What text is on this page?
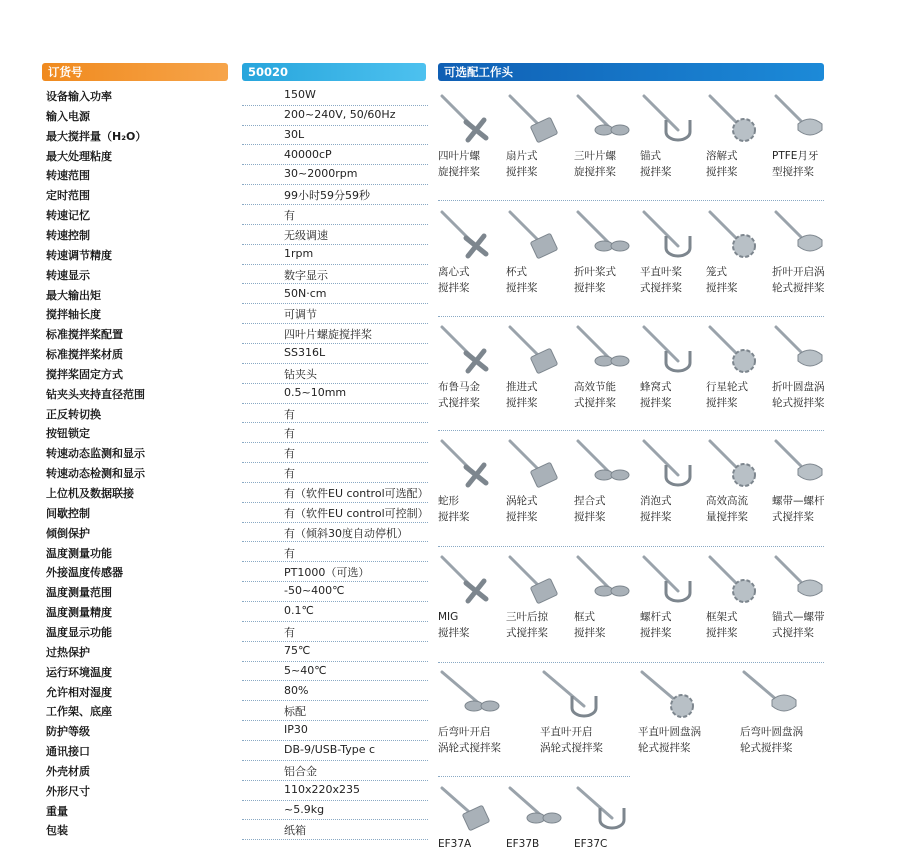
订货号	50020	可选配工作头
设备输入功率	150W
输入电源	200~240V, 50/60Hz
最大搅拌量（H₂O）	30L
最大处理粘度	40000cP
转速范围	30~2000rpm
定时范围	99小时59分59秒
转速记忆	有
转速控制	无级调速
转速调节精度	1rpm
转速显示	数字显示
最大输出矩	50N·cm
搅拌轴长度	可调节
标准搅拌桨配置	四叶片螺旋搅拌桨
标准搅拌桨材质	SS316L
搅拌桨固定方式	钻夹头
钻夹头夹持直径范围	0.5~10mm
正反转切换	有
按钮锁定	有
转速动态监测和显示	有
转速动态检测和显示	有
上位机及数据联接	有（软件EU control可选配）
间歇控制	有（软件EU control可控制）
倾倒保护	有（倾斜30度自动停机）
温度测量功能	有
外接温度传感器	PT1000（可选）
温度测量范围	-50~400℃
温度测量精度	0.1℃
温度显示功能	有
过热保护	75℃
运行环境温度	5~40℃
允许相对湿度	80%
工作架、底座	标配
防护等级	IP30
通讯接口	DB-9/USB-Type c
外壳材质	铝合金
外形尺寸	110x220x235
重量	~5.9kg
包装	纸箱
四叶片螺
旋搅拌桨
扇片式
搅拌桨
三叶片螺
旋搅拌桨
锚式
搅拌桨
溶解式
搅拌桨
PTFE月牙
型搅拌桨
离心式
搅拌桨
杯式
搅拌桨
折叶桨式
搅拌桨
平直叶桨
式搅拌桨
笼式
搅拌桨
折叶开启涡
轮式搅拌桨
布鲁马金
式搅拌桨
推进式
搅拌桨
高效节能
式搅拌桨
蜂窝式
搅拌桨
行星轮式
搅拌桨
折叶圆盘涡
轮式搅拌桨
蛇形
搅拌桨
涡轮式
搅拌桨
捏合式
搅拌桨
消泡式
搅拌桨
高效高流
量搅拌桨
螺带—螺杆
式搅拌桨
MIG
搅拌桨
三叶后掠
式搅拌桨
框式
搅拌桨
螺杆式
搅拌桨
框架式
搅拌桨
锚式—螺带
式搅拌桨
后弯叶开启
涡轮式搅拌桨
平直叶开启
涡轮式搅拌桨
平直叶圆盘涡
轮式搅拌桨
后弯叶圆盘涡
轮式搅拌桨
EF37A	EF37B	EF37C
